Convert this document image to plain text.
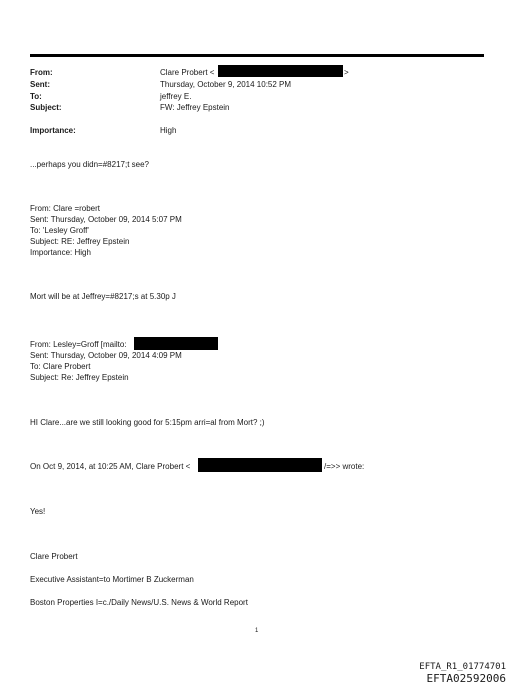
From:
Sent:
To:
Subject:
Importance:
Clare Probert <	>
Thursday, October 9, 2014 10:52 PM
jeffrey E.
FW: Jeffrey Epstein
High
...perhaps you didn=#8217;t see?
From: Clare =robert
Sent: Thursday, October 09, 2014 5:07 PM
To: 'Lesley Groff'
Subject: RE: Jeffrey Epstein
Importance: High
Mort will be at Jeffrey=#8217;s at 5.30p J
From: Lesley=Groff [mailto:
Sent: Thursday, October 09, 2014 4:09 PM
To: Clare Probert
Subject: Re: Jeffrey Epstein
HI Clare...are we still looking good for 5:15pm arri=al from Mort? ;)
On Oct 9, 2014, at 10:25 AM, Clare Probert <	/=>> wrote:
Yes!
Clare Probert
Executive Assistant=to Mortimer B Zuckerman
Boston Properties I=c./Daily News/U.S. News & World Report
1
EFTA_R1_01774701
EFTA02592006
